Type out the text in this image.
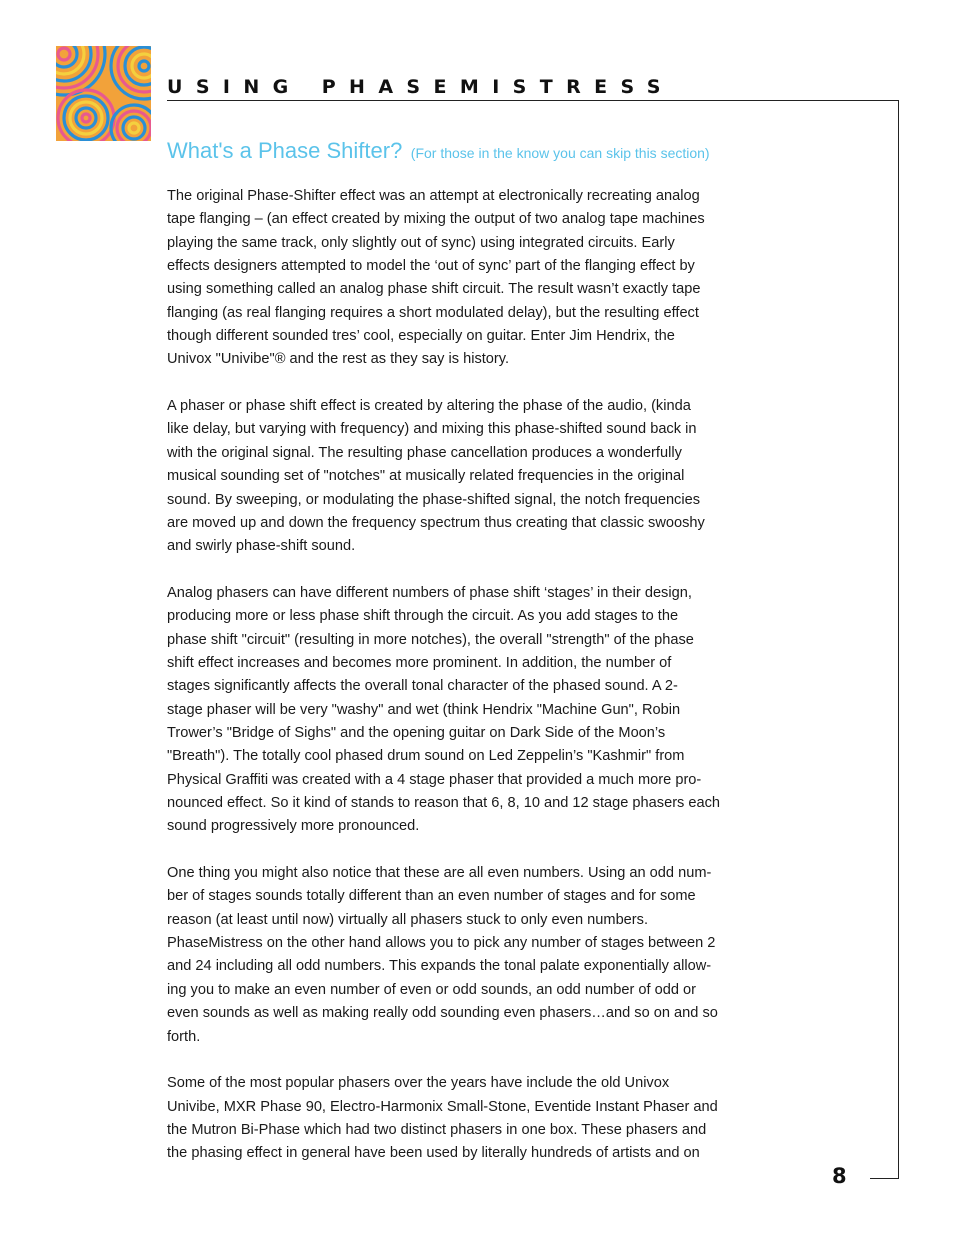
USING PHASEMISTRESS
What's a Phase Shifter? (For those in the know you can skip this section)
The original Phase-Shifter effect was an attempt at electronically recreating analog
tape flanging – (an effect created by mixing the output of two analog tape machines
playing the same track, only slightly out of sync) using integrated circuits. Early
effects designers attempted to model the ‘out of sync’ part of the flanging effect by
using something called an analog phase shift circuit. The result wasn’t exactly tape
flanging (as real flanging requires a short modulated delay), but the resulting effect
though different sounded tres’ cool, especially on guitar. Enter Jim Hendrix, the
Univox "Univibe"® and the rest as they say is history.
A phaser or phase shift effect is created by altering the phase of the audio, (kinda
like delay, but varying with frequency) and mixing this phase-shifted sound back in
with the original signal. The resulting phase cancellation produces a wonderfully
musical sounding set of "notches" at musically related frequencies in the original
sound. By sweeping, or modulating the phase-shifted signal, the notch frequencies
are moved up and down the frequency spectrum thus creating that classic swooshy
and swirly phase-shift sound.
Analog phasers can have different numbers of phase shift ‘stages’ in their design,
producing more or less phase shift through the circuit. As you add stages to the
phase shift "circuit" (resulting in more notches), the overall "strength" of the phase
shift effect increases and becomes more prominent. In addition, the number of
stages significantly affects the overall tonal character of the phased sound. A 2-
stage phaser will be very "washy" and wet (think Hendrix "Machine Gun", Robin
Trower’s "Bridge of Sighs" and the opening guitar on Dark Side of the Moon’s
"Breath"). The totally cool phased drum sound on Led Zeppelin’s "Kashmir" from
Physical Graffiti was created with a 4 stage phaser that provided a much more pro-
nounced effect. So it kind of stands to reason that 6, 8, 10 and 12 stage phasers each
sound progressively more pronounced.
One thing you might also notice that these are all even numbers. Using an odd num-
ber of stages sounds totally different than an even number of stages and for some
reason (at least until now) virtually all phasers stuck to only even numbers.
PhaseMistress on the other hand allows you to pick any number of stages between 2
and 24 including all odd numbers. This expands the tonal palate exponentially allow-
ing you to make an even number of even or odd sounds, an odd number of odd or
even sounds as well as making really odd sounding even phasers…and so on and so
forth.
Some of the most popular phasers over the years have include the old Univox
Univibe, MXR Phase 90, Electro-Harmonix Small-Stone, Eventide Instant Phaser and
the Mutron Bi-Phase which had two distinct phasers in one box. These phasers and
the phasing effect in general have been used by literally hundreds of artists and on
8
